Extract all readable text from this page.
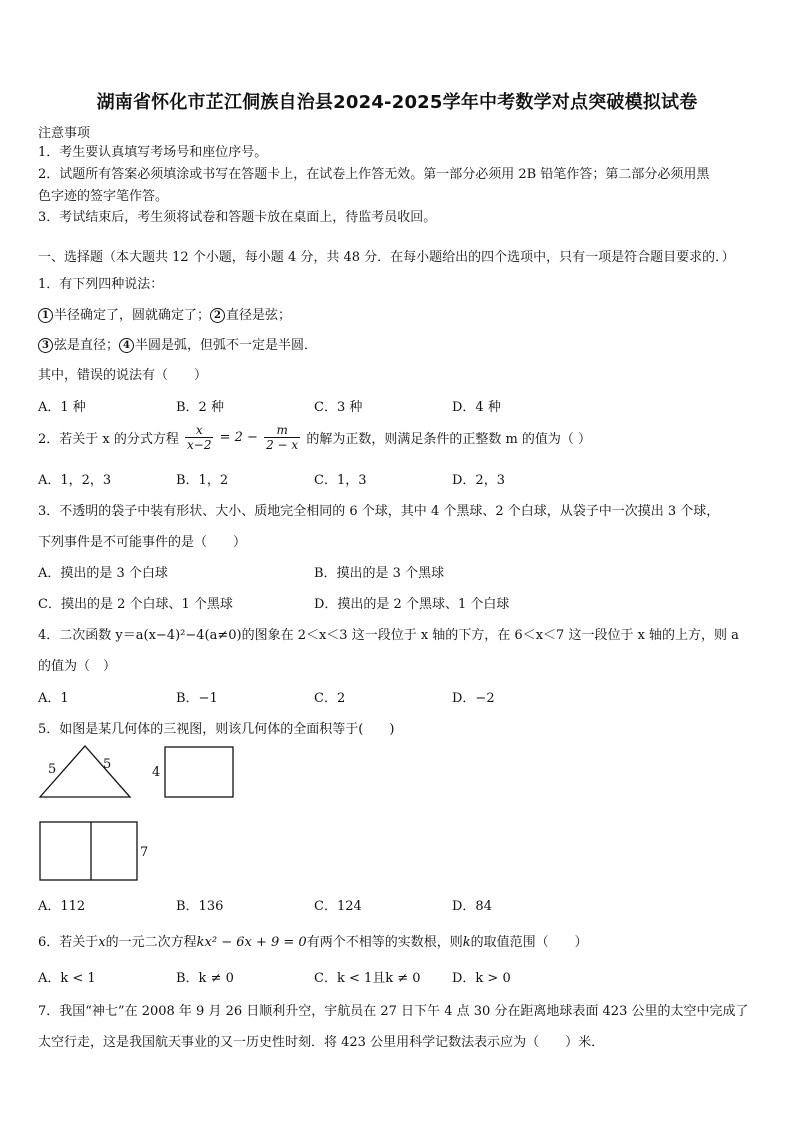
湖南省怀化市芷江侗族自治县2024-2025学年中考数学对点突破模拟试卷
注意事项
1．考生要认真填写考场号和座位序号。
2．试题所有答案必须填涂或书写在答题卡上，在试卷上作答无效。第一部分必须用 2B 铅笔作答；第二部分必须用黑
色字迹的签字笔作答。
3．考试结束后，考生须将试卷和答题卡放在桌面上，待监考员收回。
一、选择题（本大题共 12 个小题，每小题 4 分，共 48 分．在每小题给出的四个选项中，只有一项是符合题目要求的．）
1．有下列四种说法：
1 半径确定了，圆就确定了； 2 直径是弦；
3 弦是直径； 4 半圆是弧，但弧不一定是半圆．
其中，错误的说法有（　　）
A．1 种	B．2 种	C．3 种	D．4 种
2．若关于 x 的分式方程 $\frac{x}{x-2} = 2 - \frac{m}{2 - x}$ 的解为正数，则满足条件的正整数 m 的值为（ ）
A．1，2，3	B．1，2	C．1，3	D．2，3
3．不透明的袋子中装有形状、大小、质地完全相同的 6 个球，其中 4 个黑球、2 个白球，从袋子中一次摸出 3 个球，
下列事件是不可能事件的是（　　）
A．摸出的是 3 个白球	B．摸出的是 3 个黑球
C．摸出的是 2 个白球、1 个黑球	D．摸出的是 2 个黑球、1 个白球
4．二次函数 y＝a(x−4)²−4(a≠0)的图象在 2＜x＜3 这一段位于 x 轴的下方，在 6＜x＜7 这一段位于 x 轴的上方，则 a
的值为（　）
A．1	B．−1	C．2	D．−2
5．如图是某几何体的三视图，则该几何体的全面积等于(　　)
5	5
7
4
A．112	B．136	C．124	D．84
6．若关于x的一元二次方程kx² − 6x + 9 = 0有两个不相等的实数根，则k的取值范围（　　）
A．k < 1	B．k ≠ 0	C．k < 1且k ≠ 0 D．k > 0
7．我国“神七”在 2008 年 9 月 26 日顺利升空，宇航员在 27 日下午 4 点 30 分在距离地球表面 423 公里的太空中完成了
太空行走，这是我国航天事业的又一历史性时刻．将 423 公里用科学记数法表示应为（　　）米．
